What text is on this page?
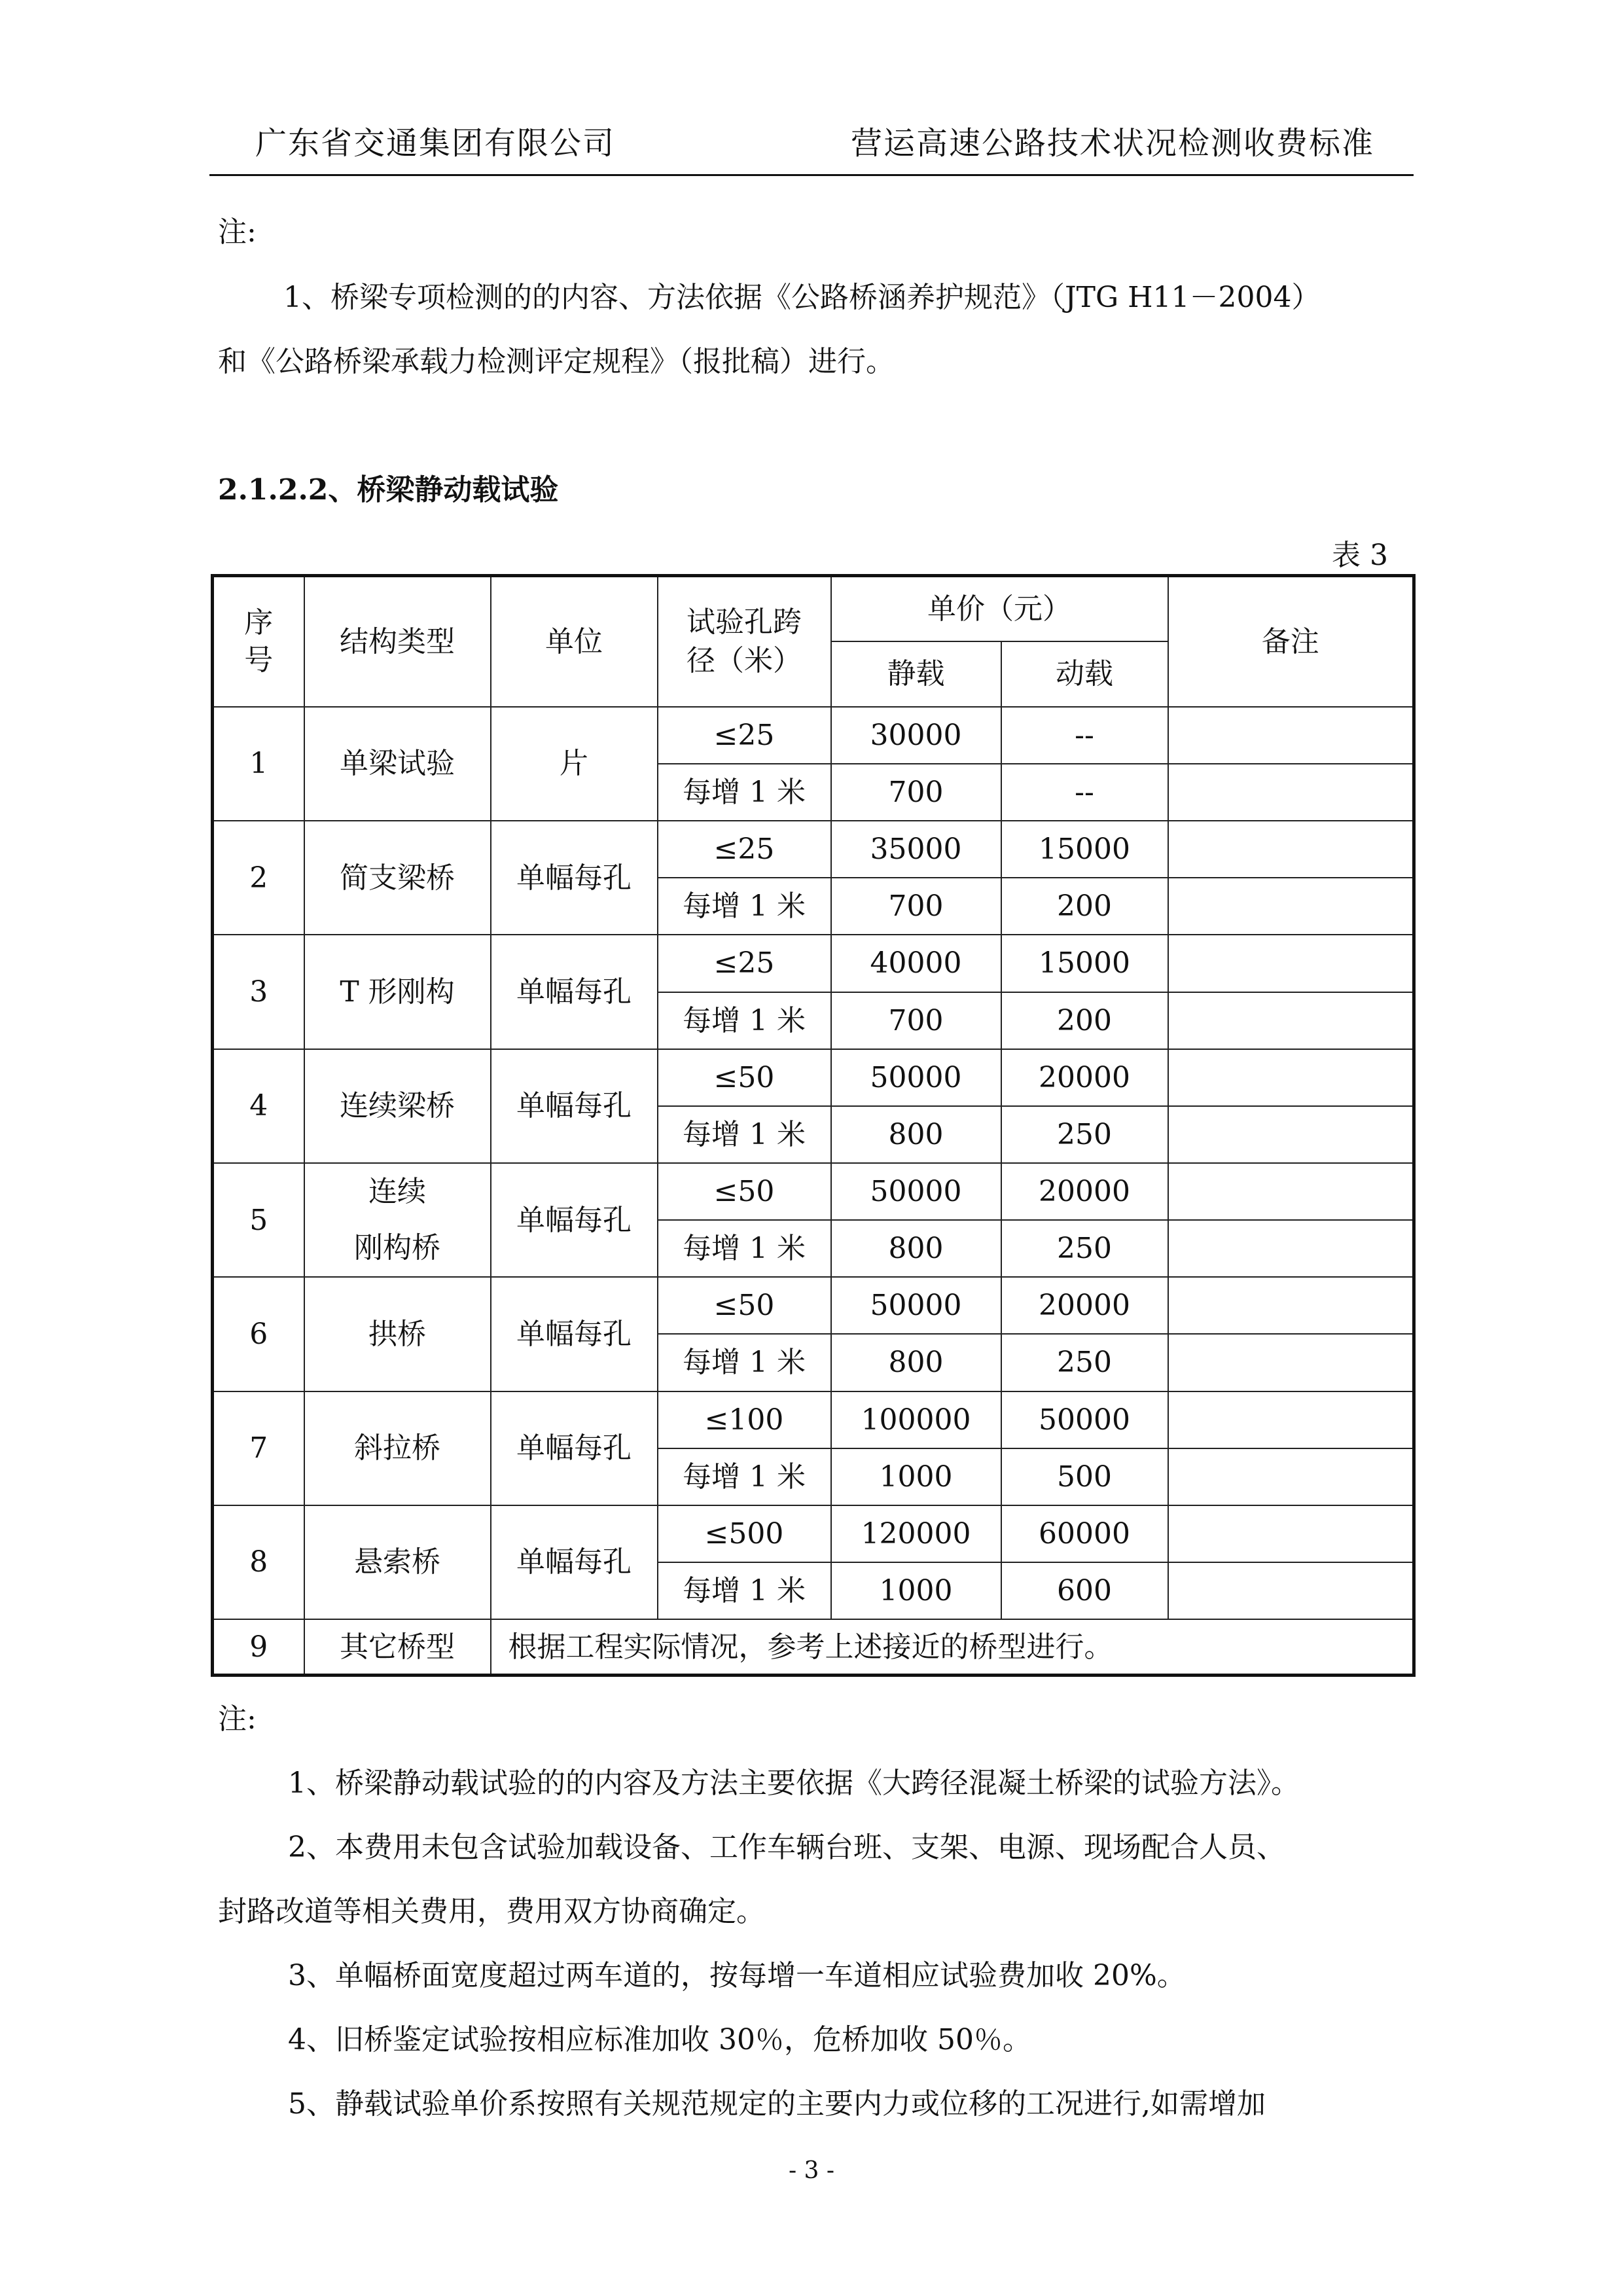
广东省交通集团有限公司	营运高速公路技术状况检测收费标准
注:
1、桥梁专项检测的的内容、方法依据《公路桥涵养护规范》（JTG H11－2004）
和《公路桥梁承载力检测评定规程》（报批稿）进行。
2.1.2.2、桥梁静动载试验
表 3
序号	结构类型	单位	试验孔跨径（米）	单价（元）		备注
				静载	动载	
1	单梁试验	片	≤25	30000	--	
			每增 1 米	700	--	
2	简支梁桥	单幅每孔	≤25	35000	15000	
			每增 1 米	700	200	
3	T 形刚构	单幅每孔	≤25	40000	15000	
			每增 1 米	700	200	
4	连续梁桥	单幅每孔	≤50	50000	20000	
			每增 1 米	800	250	
5	连续
刚构桥	单幅每孔	≤50	50000	20000	
			每增 1 米	800	250	
6	拱桥	单幅每孔	≤50	50000	20000	
			每增 1 米	800	250	
7	斜拉桥	单幅每孔	≤100	100000	50000	
			每增 1 米	1000	500	
8	悬索桥	单幅每孔	≤500	120000	60000	
			每增 1 米	1000	600	
9	其它桥型	根据工程实际情况，参考上述接近的桥型进行。				
注:
1、桥梁静动载试验的的内容及方法主要依据《大跨径混凝土桥梁的试验方法》。
2、本费用未包含试验加载设备、工作车辆台班、支架、电源、现场配合人员、
封路改道等相关费用，费用双方协商确定。
3、单幅桥面宽度超过两车道的，按每增一车道相应试验费加收 20%。
4、旧桥鉴定试验按相应标准加收 30％，危桥加收 50％。
5、静载试验单价系按照有关规范规定的主要内力或位移的工况进行,如需增加
- 3 -
